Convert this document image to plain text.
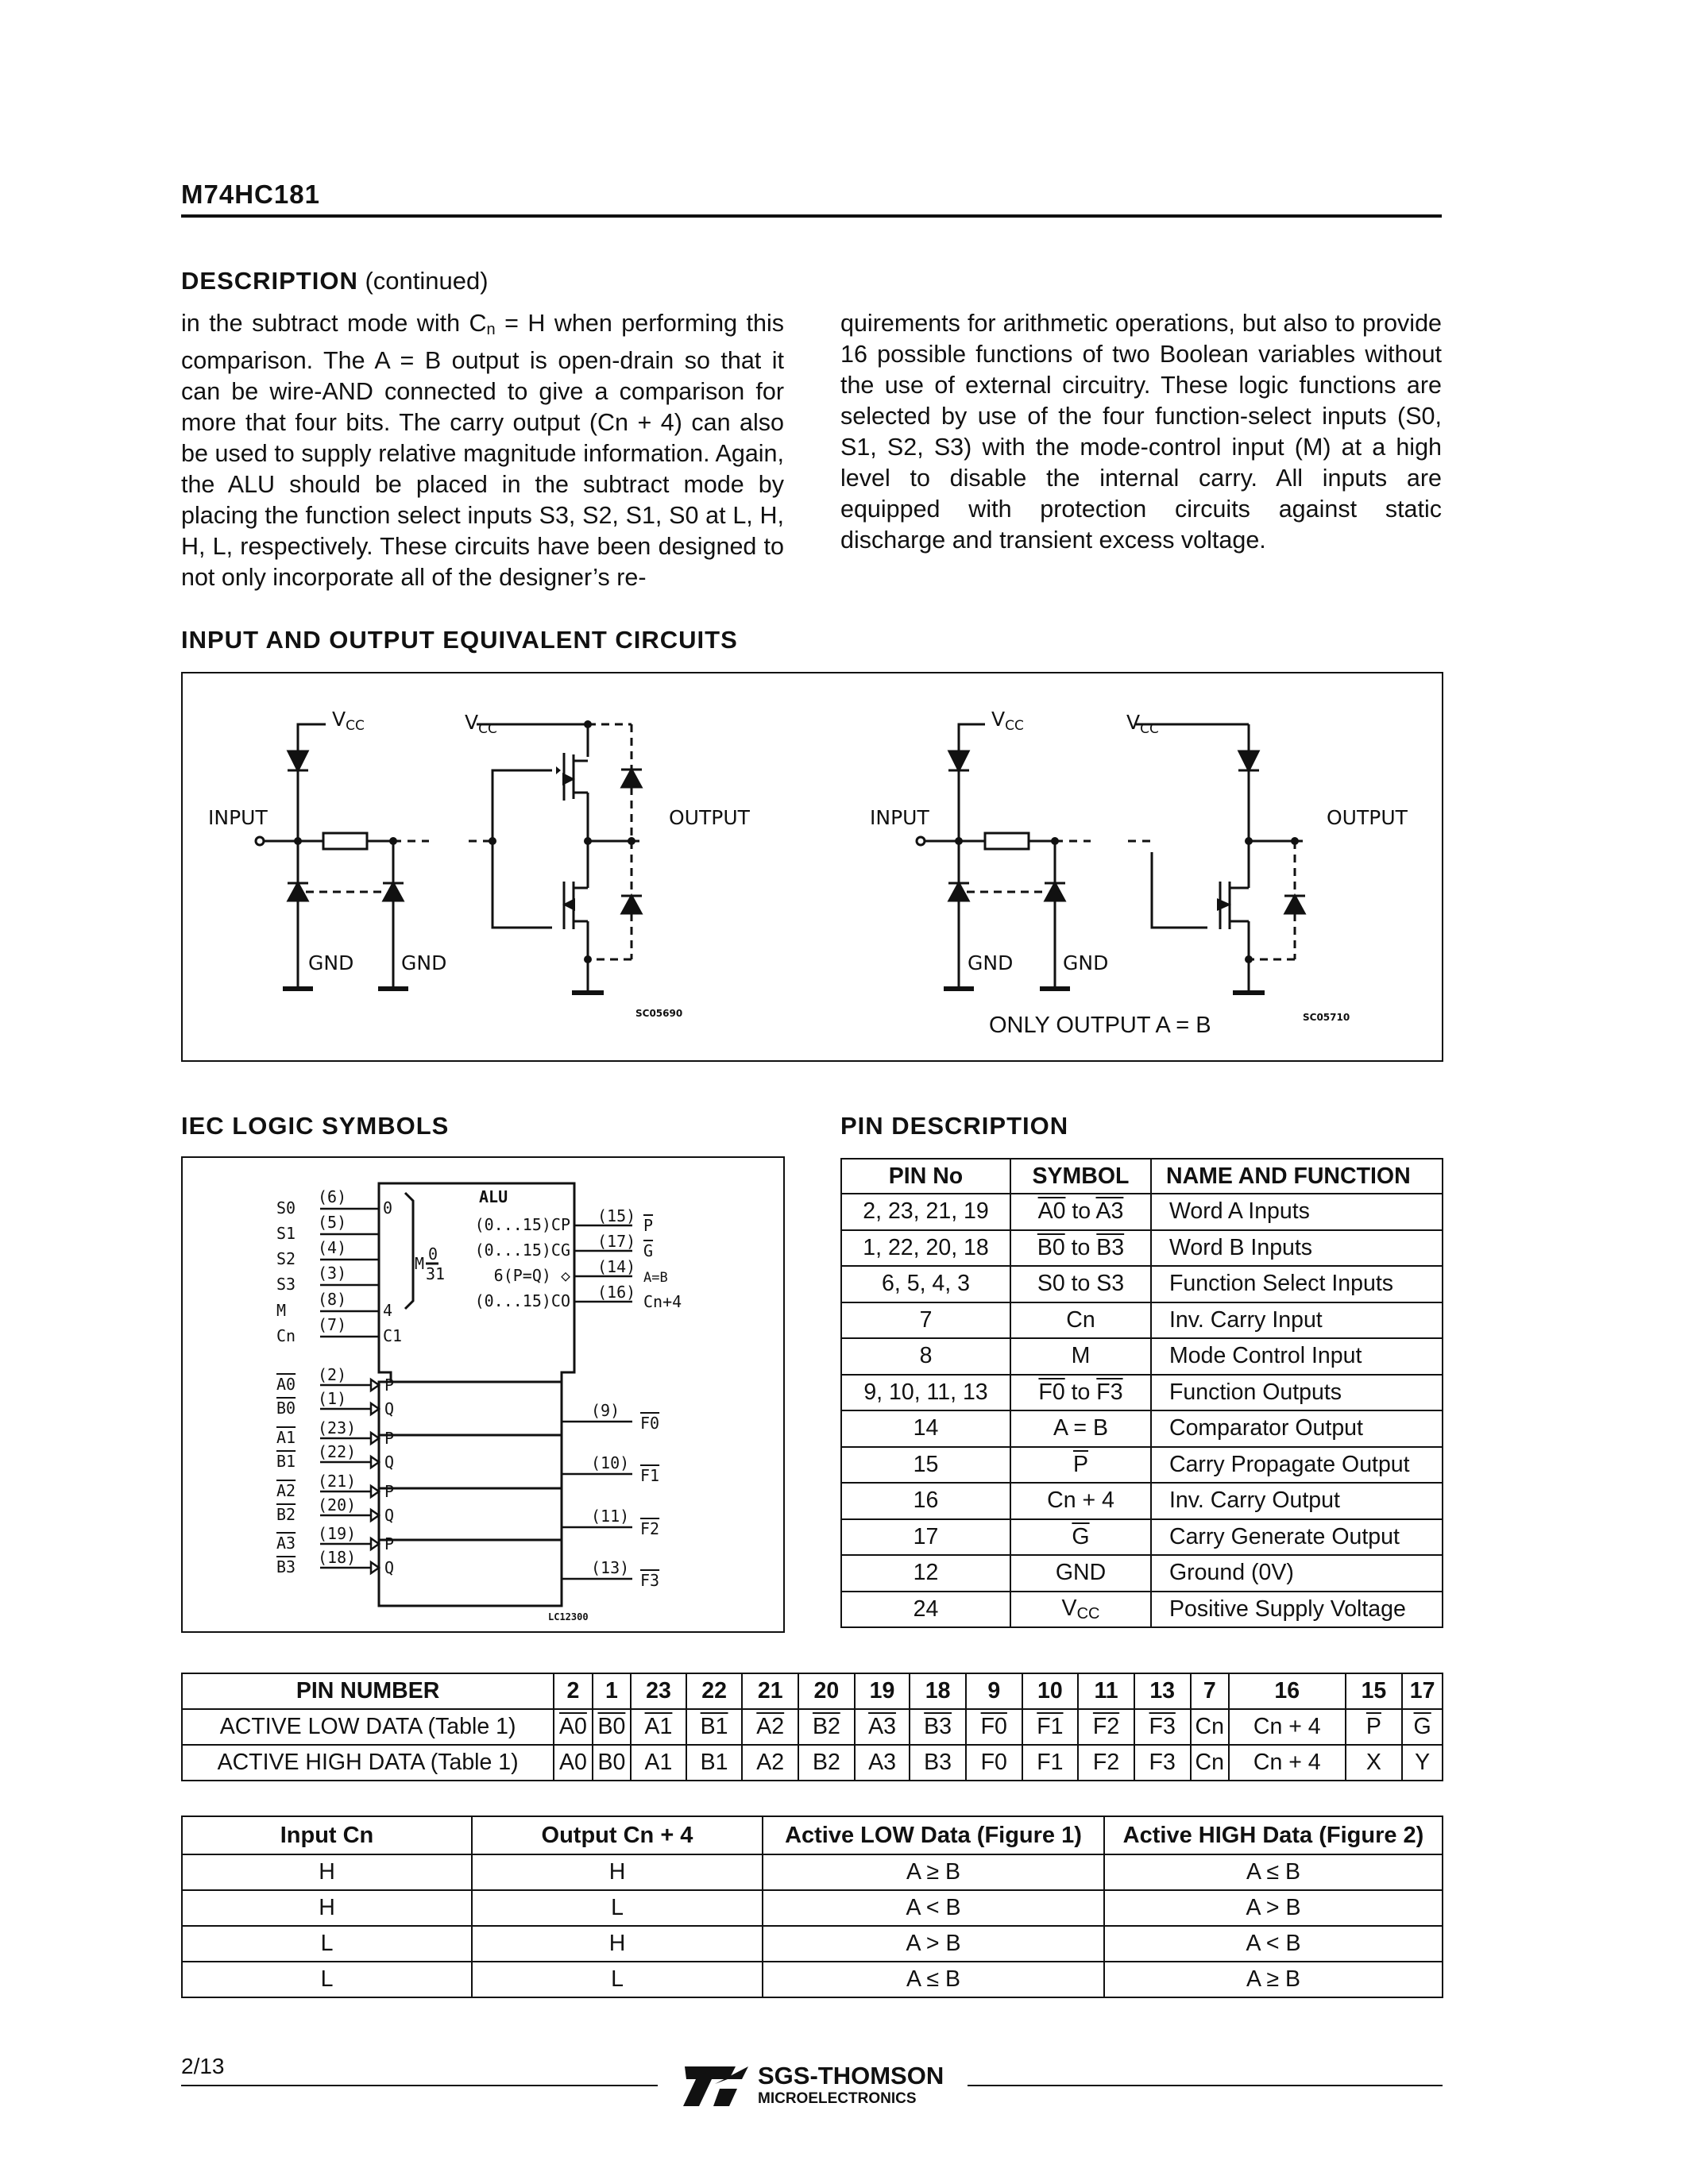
M74HC181
DESCRIPTION (continued)
in the subtract mode with $C_n = H$ when performing this comparison. The A = B output is open-drain so that it can be wire-AND connected to give a comparison for more that four bits. The carry output (Cn + 4) can also be used to supply relative magnitude information. Again, the ALU should be placed in the subtract mode by placing the function select inputs S3, S2, S1, S0 at L, H, H, L, respectively. These circuits have been designed to not only incorporate all of the designer’s re-
quirements for arithmetic operations, but also to provide 16 possible functions of two Boolean variables without the use of external circuitry. These logic functions are selected by use of the four function-select inputs (S0, S1, S2, S3) with the mode-control input (M) at a high level to disable the internal carry. All inputs are equipped with protection circuits against static discharge and transient excess voltage.
INPUT AND OUTPUT EQUIVALENT CIRCUITS
$V_{CC}$	$V_{CC}$	$V_{CC}$	$V_{CC}$
INPUT	OUTPUT	INPUT	OUTPUT
GND GND	GND	GND
SC05690	SC05710
ONLY OUTPUT A = B
IEC LOGIC SYMBOLS	PIN DESCRIPTION
ALU
S0
S1
S2
S3
M
Cn
(6)
(5)
(4)
(3)
(8)
(7)
0
4
C1
M 0
31
(0...15)CP
(0...15)CG
6(P=Q) ◇
(0...15)CO
(15)
(17)
(14)
(16)
P
G
A=B
Cn+4
A0
B0
A1
B1
A2
B2
A3
B3
(2)
(1)
(23)
(22)
(21)
(20)
(19)
(18)
P
Q
P
Q
P
Q
P
Q
(9)
(10)
(11)
(13)
F0
F1
F2
F3
LC12300
PIN No	SYMBOL	NAME AND FUNCTION
2, 23, 21, 19	A0 to A3	Word A Inputs
1, 22, 20, 18	B0 to B3	Word B Inputs
6, 5, 4, 3	S0 to S3	Function Select Inputs
7	Cn	Inv. Carry Input
8	M	Mode Control Input
9, 10, 11, 13	F0 to F3	Function Outputs
14	A = B	Comparator Output
15	$\overline{P}$	Carry Propagate Output
16	Cn + 4	Inv. Carry Output
17	$\overline{G}$	Carry Generate Output
12	GND	Ground (0V)
24	$V_{CC}$	Positive Supply Voltage
PIN NUMBER	2	1	23	22	21	20	19	18	9	10	11	13	7	16	15	17
ACTIVE LOW DATA (Table 1)	A0	B0	A1	B1	A2	B2	A3	B3	F0	F1	F2	F3	Cn	Cn + 4	$\overline{P}$	$\overline{G}$
ACTIVE HIGH DATA (Table 1)	A0	B0	A1	B1	A2	B2	A3	B3	F0	F1	F2	F3	Cn	Cn + 4	X	Y
Input Cn	Output Cn + 4	Active LOW Data (Figure 1)	Active HIGH Data (Figure 2)
H	H	A ≥ B	A ≤ B
H	L	A < B	A > B
L	H	A > B	A < B
L	L	A ≤ B	A ≥ B
2/13	SGS-THOMSON
MICROELECTRONICS
